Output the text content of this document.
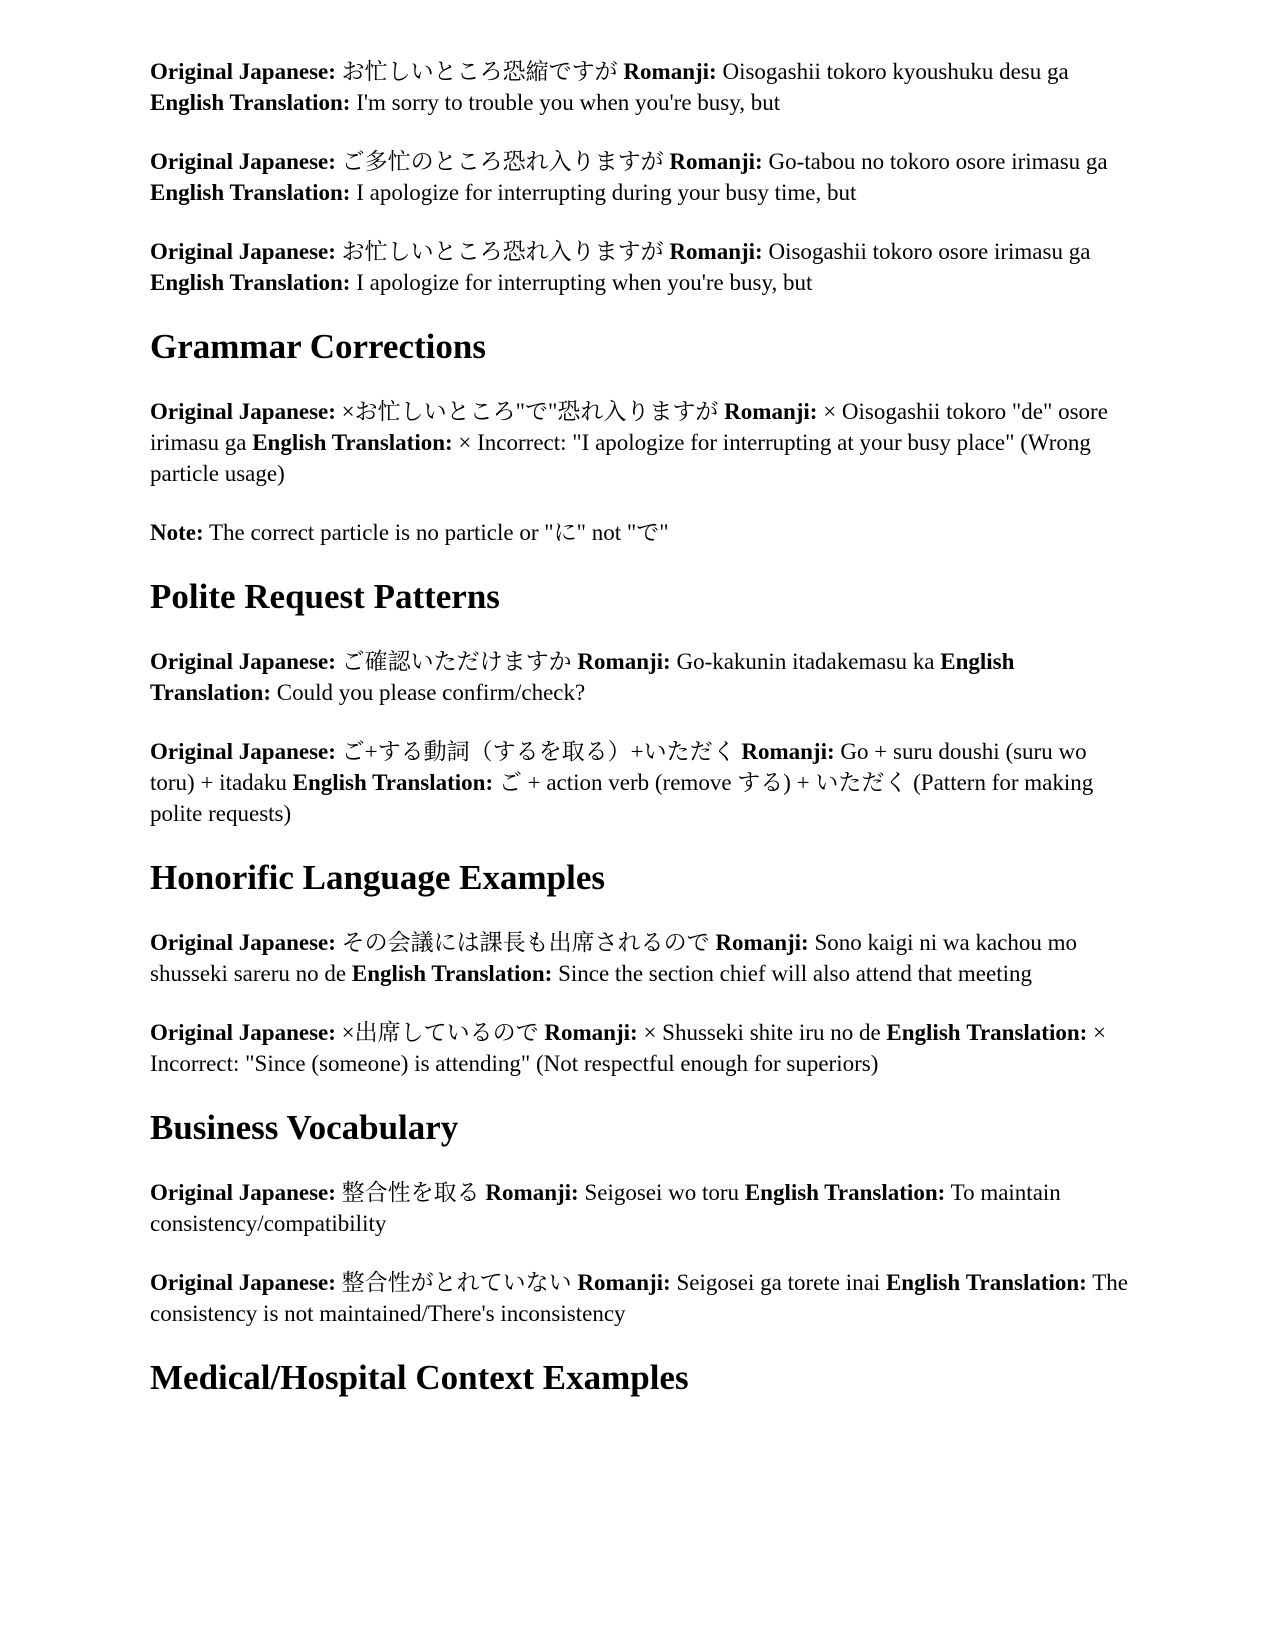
Original Japanese: お忙しいところ恐縮ですが Romanji: Oisogashii tokoro kyoushuku desu ga English Translation: I'm sorry to trouble you when you're busy, but

Original Japanese: ご多忙のところ恐れ入りますが Romanji: Go-tabou no tokoro osore irimasu ga English Translation: I apologize for interrupting during your busy time, but

Original Japanese: お忙しいところ恐れ入りますが Romanji: Oisogashii tokoro osore irimasu ga English Translation: I apologize for interrupting when you're busy, but

Grammar Corrections

Original Japanese: ×お忙しいところ"で"恐れ入りますが Romanji: × Oisogashii tokoro "de" osore irimasu ga English Translation: × Incorrect: "I apologize for interrupting at your busy place" (Wrong particle usage)

Note: The correct particle is no particle or "に" not "で"

Polite Request Patterns

Original Japanese: ご確認いただけますか Romanji: Go-kakunin itadakemasu ka English Translation: Could you please confirm/check?

Original Japanese: ご+する動詞（するを取る）+いただく Romanji: Go + suru doushi (suru wo toru) + itadaku English Translation: ご + action verb (remove する) + いただく (Pattern for making polite requests)

Honorific Language Examples

Original Japanese: その会議には課長も出席されるので Romanji: Sono kaigi ni wa kachou mo shusseki sareru no de English Translation: Since the section chief will also attend that meeting

Original Japanese: ×出席しているので Romanji: × Shusseki shite iru no de English Translation: × Incorrect: "Since (someone) is attending" (Not respectful enough for superiors)

Business Vocabulary

Original Japanese: 整合性を取る Romanji: Seigosei wo toru English Translation: To maintain consistency/compatibility

Original Japanese: 整合性がとれていない Romanji: Seigosei ga torete inai English Translation: The consistency is not maintained/There's inconsistency

Medical/Hospital Context Examples
